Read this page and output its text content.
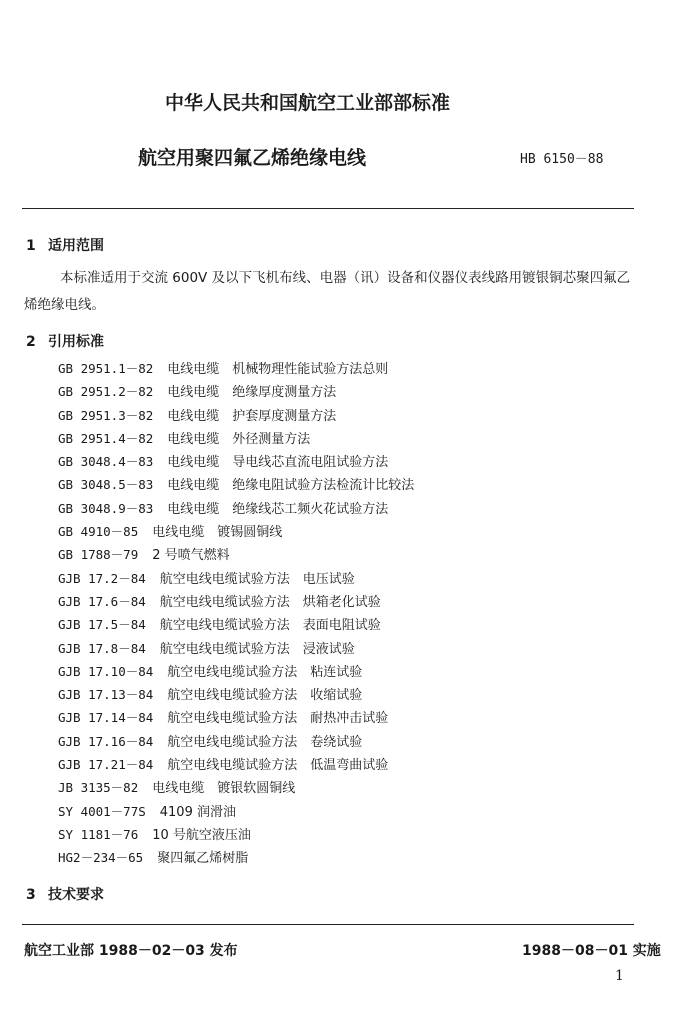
中华人民共和国航空工业部部标准
航空用聚四氟乙烯绝缘电线	HB 6150－88
1 适用范围
本标准适用于交流 600V 及以下飞机布线、电器（讯）设备和仪器仪表线路用镀银铜芯聚四氟乙烯绝缘电线。
2 引用标准
GB 2951.1－82 电线电缆　机械物理性能试验方法总则
GB 2951.2－82 电线电缆　绝缘厚度测量方法
GB 2951.3－82 电线电缆　护套厚度测量方法
GB 2951.4－82 电线电缆　外径测量方法
GB 3048.4－83 电线电缆　导电线芯直流电阻试验方法
GB 3048.5－83 电线电缆　绝缘电阻试验方法检流计比较法
GB 3048.9－83 电线电缆　绝缘线芯工频火花试验方法
GB 4910－85 电线电缆　镀锡圆铜线
GB 1788－79 2 号喷气燃料
GJB 17.2－84 航空电线电缆试验方法　电压试验
GJB 17.6－84 航空电线电缆试验方法　烘箱老化试验
GJB 17.5－84 航空电线电缆试验方法　表面电阻试验
GJB 17.8－84 航空电线电缆试验方法　浸液试验
GJB 17.10－84 航空电线电缆试验方法　粘连试验
GJB 17.13－84 航空电线电缆试验方法　收缩试验
GJB 17.14－84 航空电线电缆试验方法　耐热冲击试验
GJB 17.16－84 航空电线电缆试验方法　卷绕试验
GJB 17.21－84 航空电线电缆试验方法　低温弯曲试验
JB 3135－82 电线电缆　镀银软圆铜线
SY 4001－77S 4109 润滑油
SY 1181－76 10 号航空液压油
HG2－234－65 聚四氟乙烯树脂
3 技术要求
航空工业部 1988－02－03 发布	1988－08－01 实施
1
